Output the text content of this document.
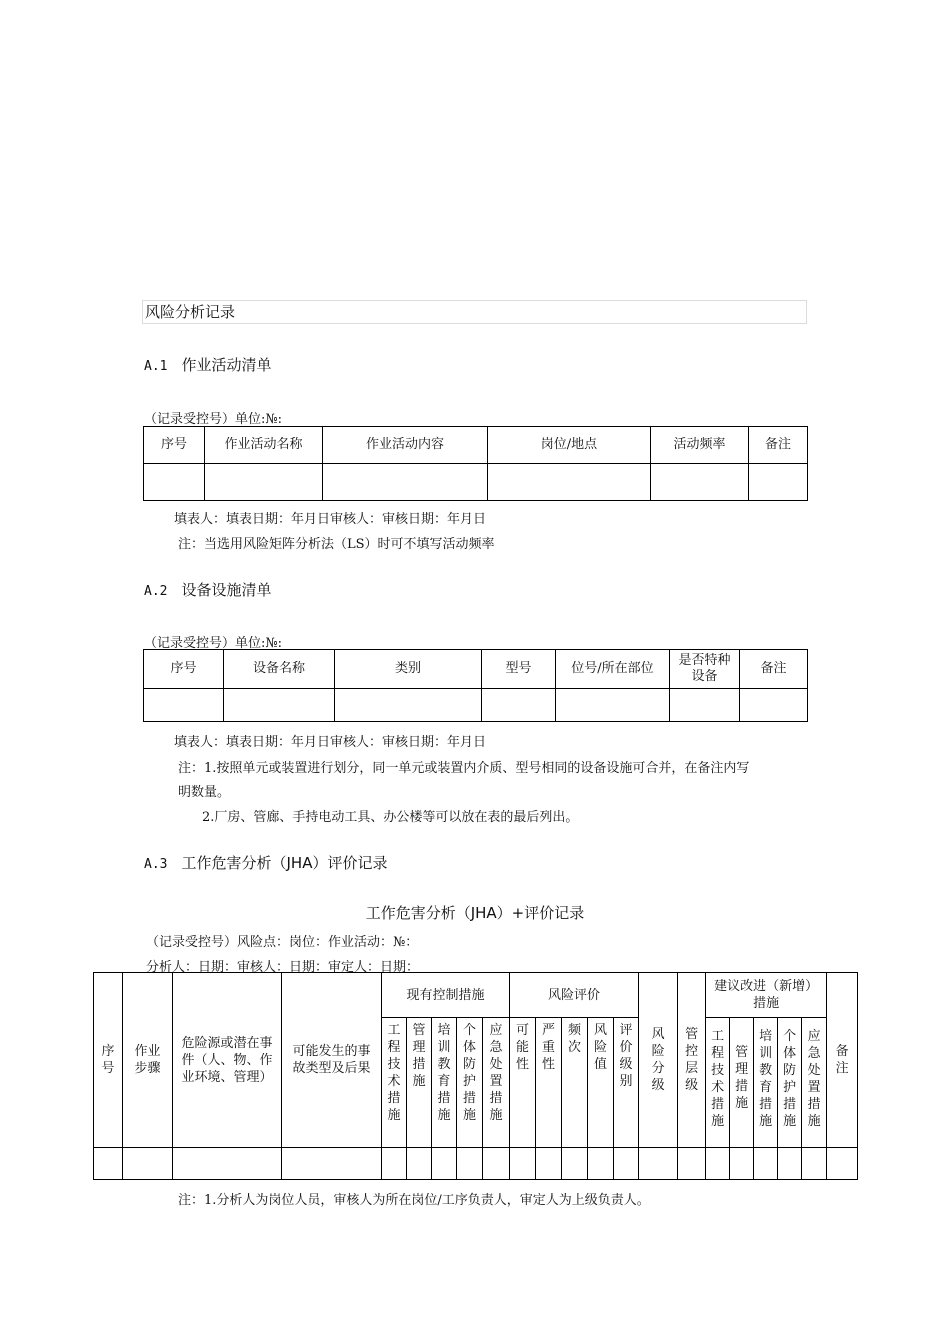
风险分析记录
A.1 作业活动清单
（记录受控号）单位:№:
序号	作业活动名称	作业活动内容	岗位/地点	活动频率	备注

填表人：填表日期：年月日审核人：审核日期：年月日
注：当选用风险矩阵分析法（LS）时可不填写活动频率
A.2 设备设施清单
（记录受控号）单位:№:
序号	设备名称	类别	型号	位号/所在部位	是否特种设备	备注

填表人：填表日期：年月日审核人：审核日期：年月日
注：1.按照单元或装置进行划分，同一单元或装置内介质、型号相同的设备设施可合并，在备注内写
明数量。
2.厂房、管廊、手持电动工具、办公楼等可以放在表的最后列出。
A.3 工作危害分析（JHA）评价记录
工作危害分析（JHA）+评价记录
（记录受控号）风险点：岗位：作业活动：№：
分析人：日期：审核人：日期：审定人：日期：
序号	作业步骤	危险源或潜在事件（人、物、作业环境、管理）	可能发生的事故类型及后果	现有控制措施					风险评价					风险分级	管控层级	建议改进（新增）措施					备注
				工程技术措施	管理措施	培训教育措施	个体防护措施	应急处置措施	可能性	严重性	频次	风险值	评价级别			工程技术措施	管理措施	培训教育措施	个体防护措施	应急处置措施	

注：1.分析人为岗位人员，审核人为所在岗位/工序负责人，审定人为上级负责人。
